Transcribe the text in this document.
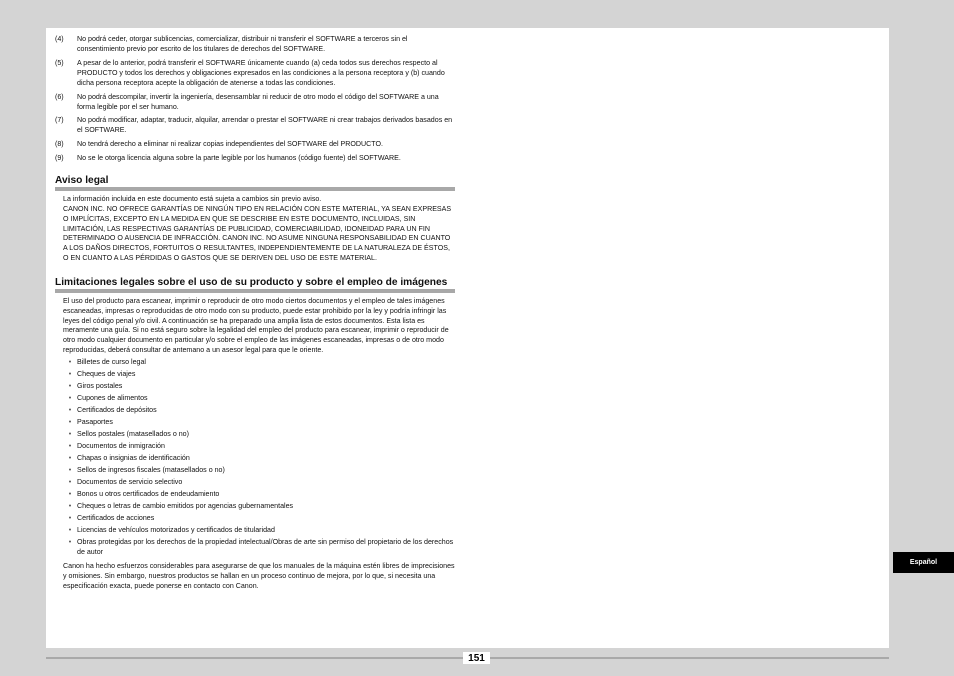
(4)	No podrá ceder, otorgar sublicencias, comercializar, distribuir ni transferir el SOFTWARE a terceros sin el consentimiento previo por escrito de los titulares de derechos del SOFTWARE.
(5)	A pesar de lo anterior, podrá transferir el SOFTWARE únicamente cuando (a) ceda todos sus derechos respecto al PRODUCTO y todos los derechos y obligaciones expresados en las condiciones a la persona receptora y (b) cuando dicha persona receptora acepte la obligación de atenerse a todas las condiciones.
(6)	No podrá descompilar, invertir la ingeniería, desensamblar ni reducir de otro modo el código del SOFTWARE a una forma legible por el ser humano.
(7)	No podrá modificar, adaptar, traducir, alquilar, arrendar o prestar el SOFTWARE ni crear trabajos derivados basados en el SOFTWARE.
(8)	No tendrá derecho a eliminar ni realizar copias independientes del SOFTWARE del PRODUCTO.
(9)	No se le otorga licencia alguna sobre la parte legible por los humanos (código fuente) del SOFTWARE.
Aviso legal

La información incluida en este documento está sujeta a cambios sin previo aviso.
CANON INC. NO OFRECE GARANTÍAS DE NINGÚN TIPO EN RELACIÓN CON ESTE MATERIAL, YA SEAN EXPRESAS O IMPLÍCITAS, EXCEPTO EN LA MEDIDA EN QUE SE DESCRIBE EN ESTE DOCUMENTO, INCLUIDAS, SIN LIMITACIÓN, LAS RESPECTIVAS GARANTÍAS DE PUBLICIDAD, COMERCIABILIDAD, IDONEIDAD PARA UN FIN DETERMINADO O AUSENCIA DE INFRACCIÓN. CANON INC. NO ASUME NINGUNA RESPONSABILIDAD EN CUANTO A LOS DAÑOS DIRECTOS, FORTUITOS O RESULTANTES, INDEPENDIENTEMENTE DE LA NATURALEZA DE ÉSTOS, O EN CUANTO A LAS PÉRDIDAS O GASTOS QUE SE DERIVEN DEL USO DE ESTE MATERIAL.

Limitaciones legales sobre el uso de su producto y sobre el empleo de imágenes

El uso del producto para escanear, imprimir o reproducir de otro modo ciertos documentos y el empleo de tales imágenes escaneadas, impresas o reproducidas de otro modo con su producto, puede estar prohibido por la ley y podría infringir las leyes del código penal y/o civil. A continuación se ha preparado una amplia lista de estos documentos. Esta lista es meramente una guía. Si no está seguro sobre la legalidad del empleo del producto para escanear, imprimir o reproducir de otro modo cualquier documento en particular y/o sobre el empleo de las imágenes escaneadas, impresas o de otro modo reproducidas, deberá consultar de antemano a un asesor legal para que le oriente.

• Billetes de curso legal
• Cheques de viajes
• Giros postales
• Cupones de alimentos
• Certificados de depósitos
• Pasaportes
• Sellos postales (matasellados o no)
• Documentos de inmigración
• Chapas o insignias de identificación
• Sellos de ingresos fiscales (matasellados o no)
• Documentos de servicio selectivo
• Bonos u otros certificados de endeudamiento
• Cheques o letras de cambio emitidos por agencias gubernamentales
• Certificados de acciones
• Licencias de vehículos motorizados y certificados de titularidad
• Obras protegidas por los derechos de la propiedad intelectual/Obras de arte sin permiso del propietario de los derechos de autor

Canon ha hecho esfuerzos considerables para asegurarse de que los manuales de la máquina estén libres de imprecisiones y omisiones. Sin embargo, nuestros productos se hallan en un proceso continuo de mejora, por lo que, si necesita una especificación exacta, puede ponerse en contacto con Canon.

Español
151
